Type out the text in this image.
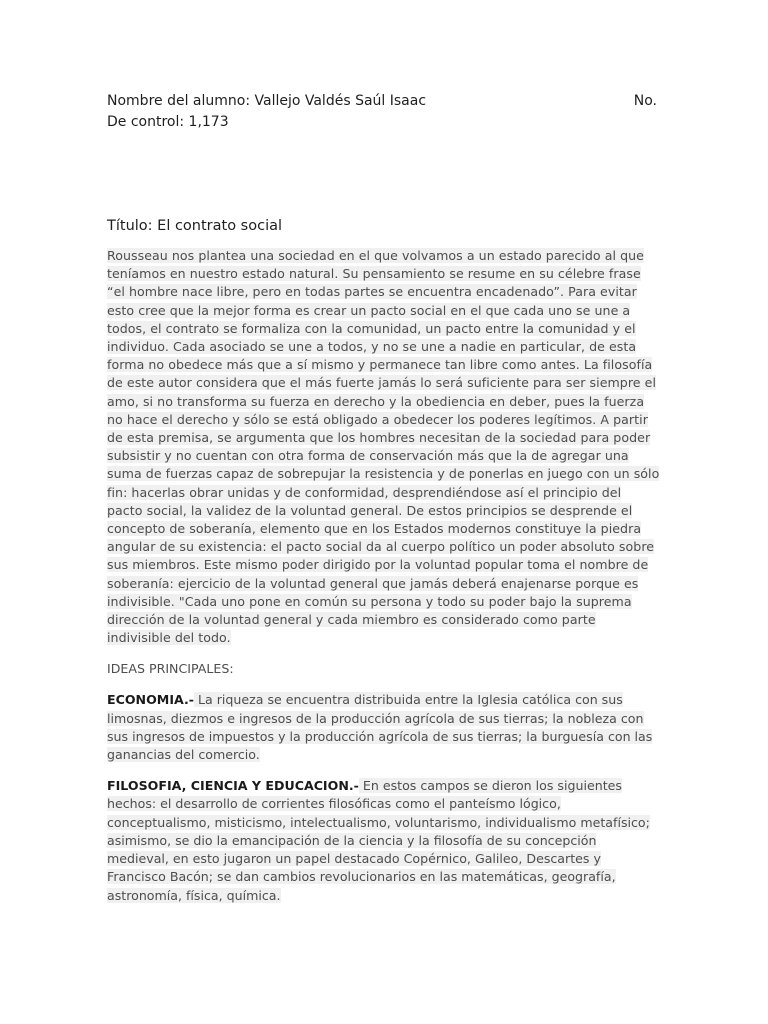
Nombre del alumno: Vallejo Valdés Saúl Isaac	No.
De control: 1,173
Título: El contrato social
Rousseau nos plantea una sociedad en el que volvamos a un estado parecido al que teníamos en nuestro estado natural. Su pensamiento se resume en su célebre frase “el hombre nace libre, pero en todas partes se encuentra encadenado”. Para evitar esto cree que la mejor forma es crear un pacto social en el que cada uno se une a todos, el contrato se formaliza con la comunidad, un pacto entre la comunidad y el individuo. Cada asociado se une a todos, y no se une a nadie en particular, de esta forma no obedece más que a sí mismo y permanece tan libre como antes. La filosofía de este autor considera que el más fuerte jamás lo será suficiente para ser siempre el amo, si no transforma su fuerza en derecho y la obediencia en deber, pues la fuerza no hace el derecho y sólo se está obligado a obedecer los poderes legítimos. A partir de esta premisa, se argumenta que los hombres necesitan de la sociedad para poder subsistir y no cuentan con otra forma de conservación más que la de agregar una suma de fuerzas capaz de sobrepujar la resistencia y de ponerlas en juego con un sólo fin: hacerlas obrar unidas y de conformidad, desprendiéndose así el principio del pacto social, la validez de la voluntad general. De estos principios se desprende el concepto de soberanía, elemento que en los Estados modernos constituye la piedra angular de su existencia: el pacto social da al cuerpo político un poder absoluto sobre sus miembros. Este mismo poder dirigido por la voluntad popular toma el nombre de soberanía: ejercicio de la voluntad general que jamás deberá enajenarse porque es indivisible. "Cada uno pone en común su persona y todo su poder bajo la suprema dirección de la voluntad general y cada miembro es considerado como parte indivisible del todo.
IDEAS PRINCIPALES:
ECONOMIA.- La riqueza se encuentra distribuida entre la Iglesia católica con sus limosnas, diezmos e ingresos de la producción agrícola de sus tierras; la nobleza con sus ingresos de impuestos y la producción agrícola de sus tierras; la burguesía con las ganancias del comercio.
FILOSOFIA, CIENCIA Y EDUCACION.- En estos campos se dieron los siguientes hechos: el desarrollo de corrientes filosóficas como el panteísmo lógico, conceptualismo, misticismo, intelectualismo, voluntarismo, individualismo metafísico; asimismo, se dio la emancipación de la ciencia y la filosofía de su concepción medieval, en esto jugaron un papel destacado Copérnico, Galileo, Descartes y Francisco Bacón; se dan cambios revolucionarios en las matemáticas, geografía, astronomía, física, química.
